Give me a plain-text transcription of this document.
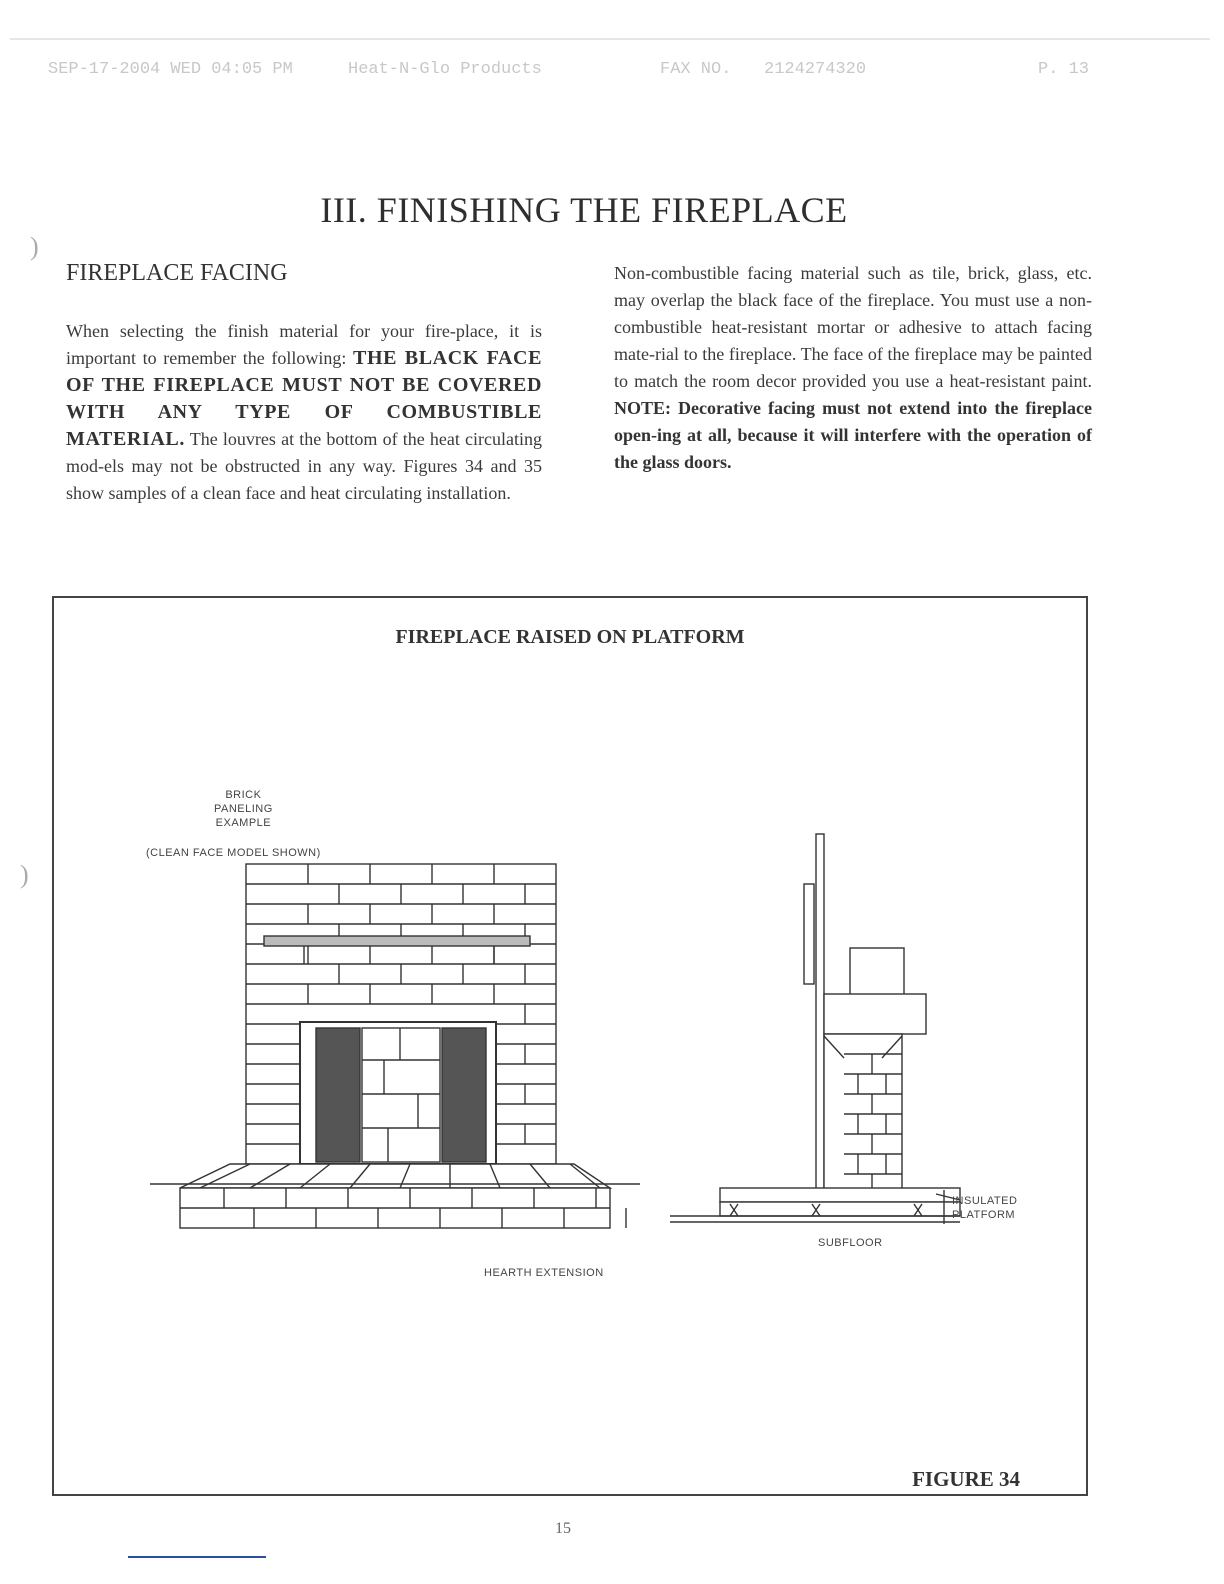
SEP-17-2004 WED 04:05 PM	Heat-N-Glo Products	FAX NO. 2124274320	P. 13
)
)
III. FINISHING THE FIREPLACE
FIREPLACE FACING
When selecting the finish material for your fire-place, it is important to remember the following: THE BLACK FACE OF THE FIREPLACE MUST NOT BE COVERED WITH ANY TYPE OF COMBUSTIBLE MATERIAL. The louvres at the bottom of the heat circulating mod-els may not be obstructed in any way. Figures 34 and 35 show samples of a clean face and heat circulating installation.
Non-combustible facing material such as tile, brick, glass, etc. may overlap the black face of the fireplace. You must use a non-combustible heat-resistant mortar or adhesive to attach facing mate-rial to the fireplace. The face of the fireplace may be painted to match the room decor provided you use a heat-resistant paint. NOTE: Decorative facing must not extend into the fireplace open-ing at all, because it will interfere with the operation of the glass doors.
FIREPLACE RAISED ON PLATFORM
BRICK
PANELING
EXAMPLE
(CLEAN FACE MODEL SHOWN)
HEARTH EXTENSION
INSULATED
PLATFORM
SUBFLOOR
FIGURE 34
15
